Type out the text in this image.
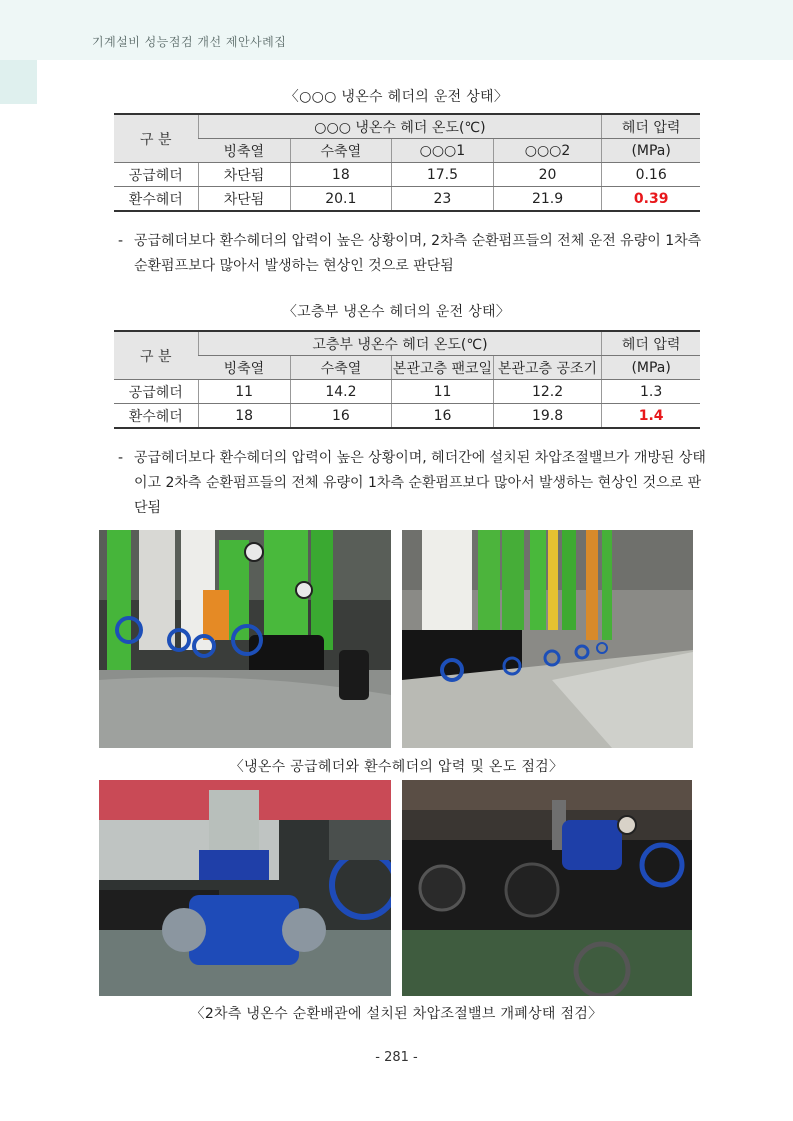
기계설비 성능점검 개선 제안사례집
〈○○○ 냉온수 헤더의 운전 상태〉
구 분	○○○ 냉온수 헤더 온도(℃)				헤더 압력
	빙축열	수축열	○○○1	○○○2	(MPa)
공급헤더	차단됨	18	17.5	20	0.16
환수헤더	차단됨	20.1	23	21.9	0.39
- 공급헤더보다 환수헤더의 압력이 높은 상황이며, 2차측 순환펌프들의 전체 운전 유량이 1차측 순환펌프보다 많아서 발생하는 현상인 것으로 판단됨
〈고층부 냉온수 헤더의 운전 상태〉
구 분	고층부 냉온수 헤더 온도(℃)				헤더 압력
	빙축열	수축열	본관고층 팬코일	본관고층 공조기	(MPa)
공급헤더	11	14.2	11	12.2	1.3
환수헤더	18	16	16	19.8	1.4
- 공급헤더보다 환수헤더의 압력이 높은 상황이며, 헤더간에 설치된 차압조절밸브가 개방된 상태이고 2차측 순환펌프들의 전체 유량이 1차측 순환펌프보다 많아서 발생하는 현상인 것으로 판단됨
〈냉온수 공급헤더와 환수헤더의 압력 및 온도 점검〉
〈2차측 냉온수 순환배관에 설치된 차압조절밸브 개폐상태 점검〉
- 281 -
